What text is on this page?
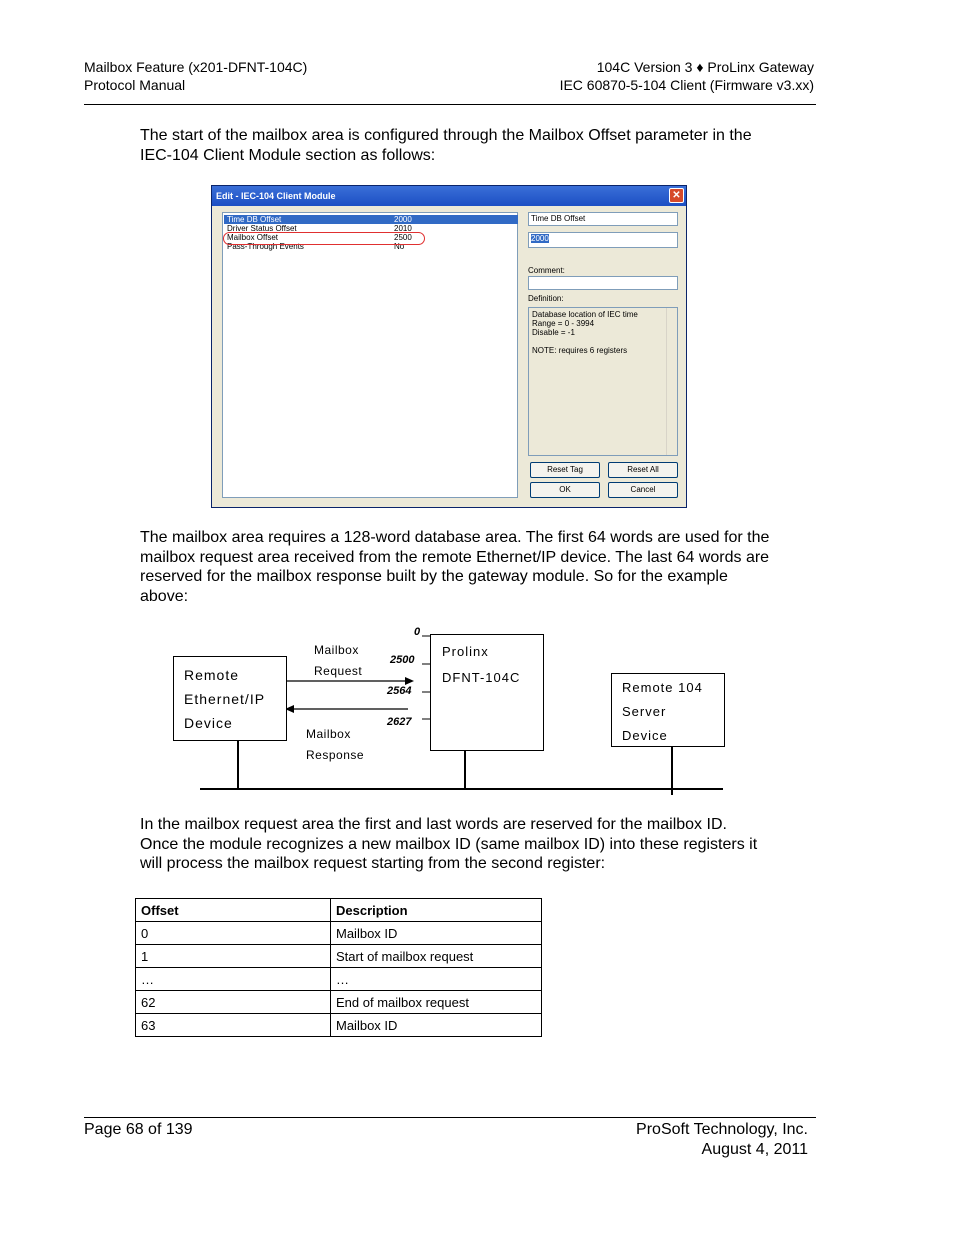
Mailbox Feature (x201-DFNT-104C)
Protocol Manual
104C Version 3 ♦ ProLinx Gateway
IEC 60870-5-104 Client (Firmware v3.xx)
The start of the mailbox area is configured through the Mailbox Offset parameter in the IEC-104 Client Module section as follows:
Edit - IEC-104 Client Module	✕
Time DB Offset	2000
Driver Status Offset	2010
Mailbox Offset	2500
Pass-Through Events	No
Time DB Offset
2000
Comment:
Definition:
Database location of IEC time
Range = 0 - 3994
Disable = -1
NOTE: requires 6 registers
Reset Tag	Reset All
OK	Cancel
The mailbox area requires a 128-word database area. The first 64 words are used for the mailbox request area received from the remote Ethernet/IP device. The last 64 words are reserved for the mailbox response built by the gateway module. So for the example above:
Remote
Ethernet/IP
Device
Prolinx
DFNT-104C
Remote 104
Server
Device
Mailbox
Request
Mailbox
Response
0
2500
2564
2627
In the mailbox request area the first and last words are reserved for the mailbox ID. Once the module recognizes a new mailbox ID (same mailbox ID) into these registers it will process the mailbox request starting from the second register:
Offset	Description
0	Mailbox ID
1	Start of mailbox request
…	…
62	End of mailbox request
63	Mailbox ID
Page 68 of 139	ProSoft Technology, Inc.
August 4, 2011
